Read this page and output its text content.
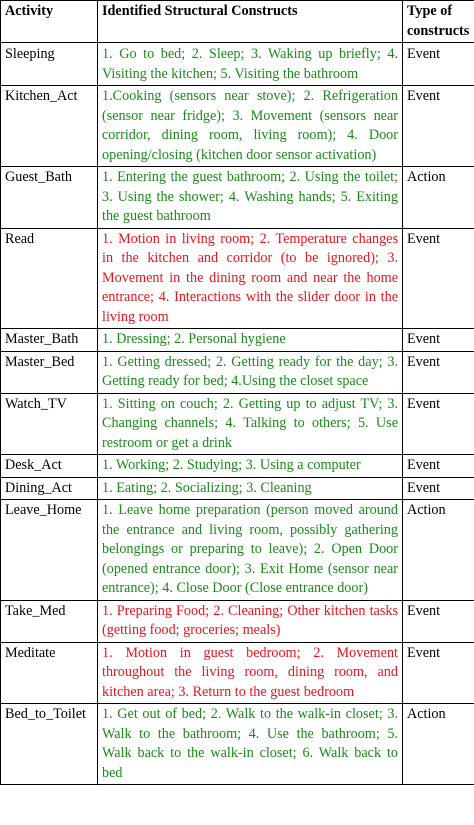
Activity	Identified Structural Constructs	Type of constructs
Sleeping	1. Go to bed; 2. Sleep; 3. Waking up briefly; 4. Visiting the kitchen; 5. Visiting the bathroom	Event
Kitchen_Act	1.Cooking (sensors near stove); 2. Refrigeration (sensor near fridge); 3. Movement (sensors near corridor, dining room, living room); 4. Door opening/closing (kitchen door sensor activation)	Event
Guest_Bath	1. Entering the guest bathroom; 2. Using the toilet; 3. Using the shower; 4. Washing hands; 5. Exiting the guest bathroom	Action
Read	1. Motion in living room; 2. Temperature changes in the kitchen and corridor (to be ignored); 3. Movement in the dining room and near the home entrance; 4. Interactions with the slider door in the living room	Event
Master_Bath	1. Dressing; 2. Personal hygiene	Event
Master_Bed	1. Getting dressed; 2. Getting ready for the day; 3. Getting ready for bed; 4.Using the closet space	Event
Watch_TV	1. Sitting on couch; 2. Getting up to adjust TV; 3. Changing channels; 4. Talking to others; 5. Use restroom or get a drink	Event
Desk_Act	1. Working; 2. Studying; 3. Using a computer	Event
Dining_Act	1. Eating; 2. Socializing; 3. Cleaning	Event
Leave_Home	1. Leave home preparation (person moved around the entrance and living room, possibly gathering belongings or preparing to leave); 2. Open Door (opened entrance door); 3. Exit Home (sensor near entrance); 4. Close Door (Close entrance door)	Action
Take_Med	1. Preparing Food; 2. Cleaning; Other kitchen tasks (getting food; groceries; meals)	Event
Meditate	1. Motion in guest bedroom; 2. Movement throughout the living room, dining room, and kitchen area; 3. Return to the guest bedroom	Event
Bed_to_Toilet	1. Get out of bed; 2. Walk to the walk-in closet; 3. Walk to the bathroom; 4. Use the bathroom; 5. Walk back to the walk-in closet; 6. Walk back to bed	Action
